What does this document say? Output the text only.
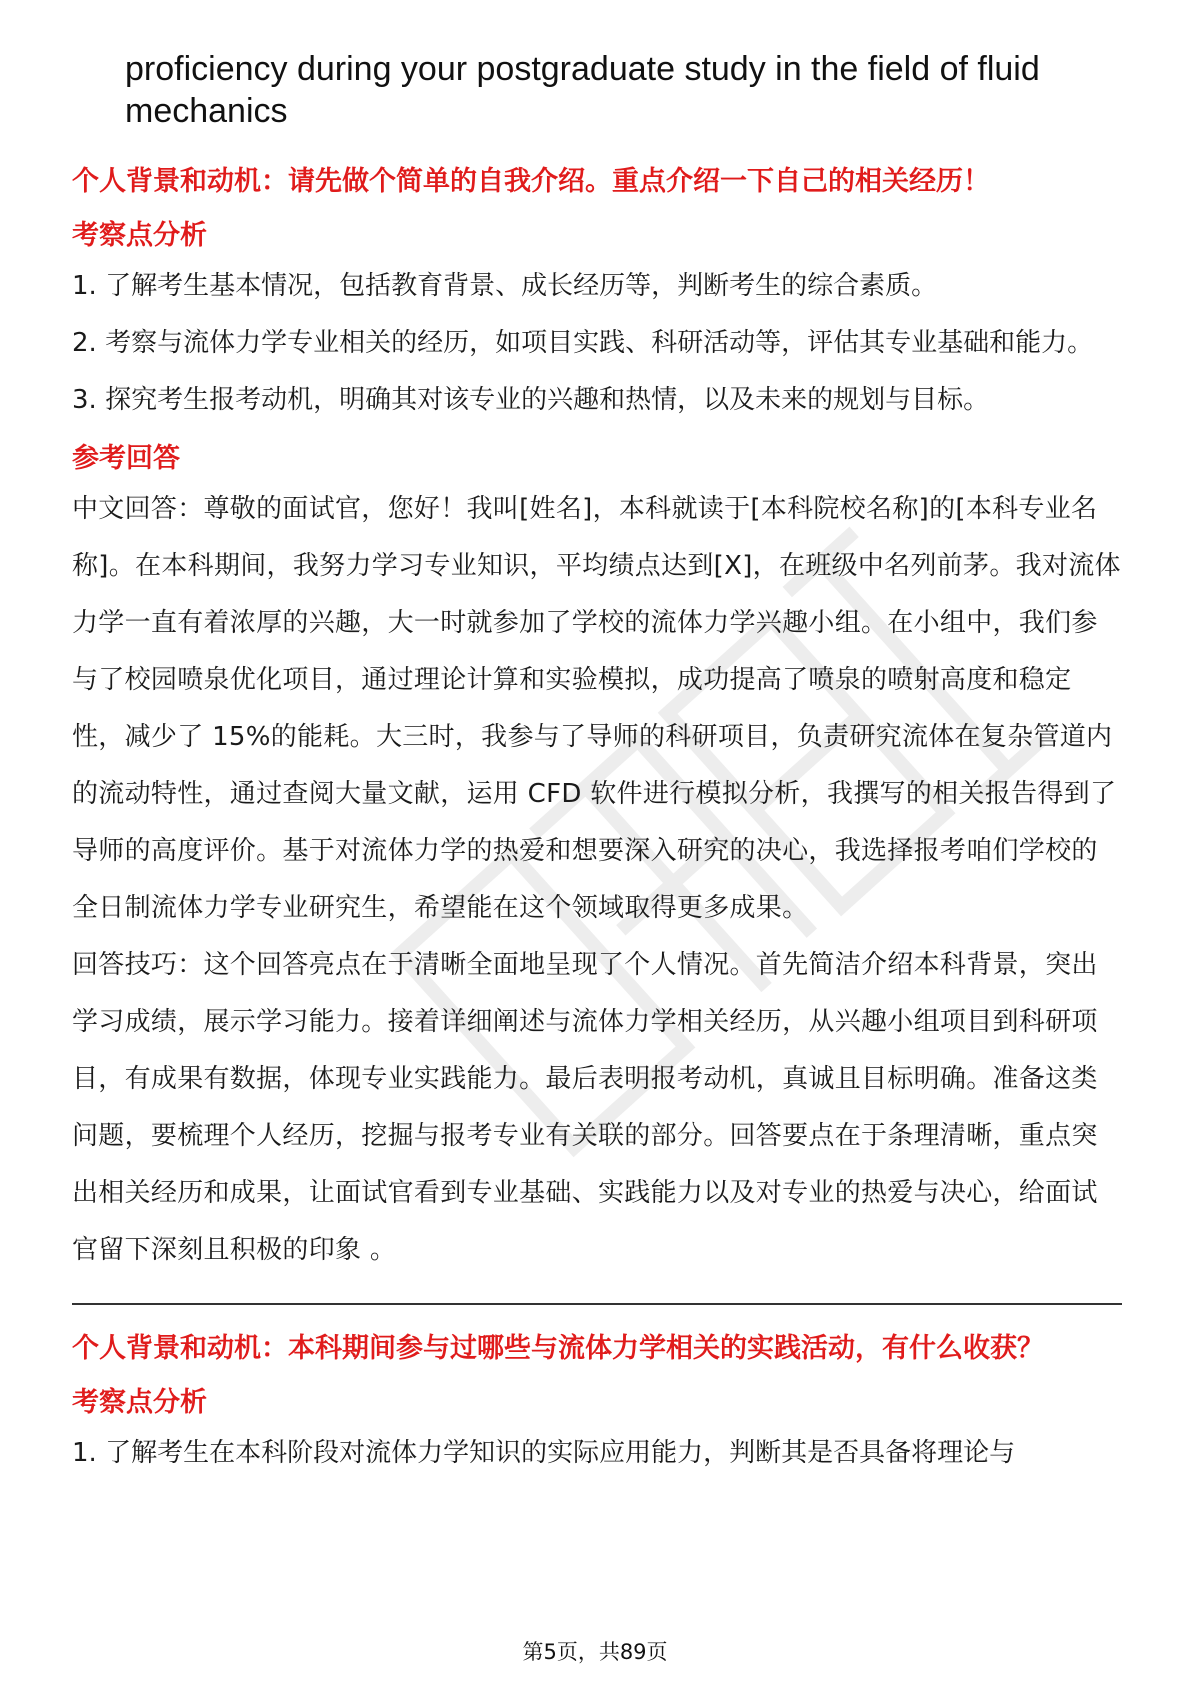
proficiency during your postgraduate study in the field of fluid mechanics

个人背景和动机：请先做个简单的自我介绍。重点介绍一下自己的相关经历！

考察点分析

1. 了解考生基本情况，包括教育背景、成长经历等，判断考生的综合素质。

2. 考察与流体力学专业相关的经历，如项目实践、科研活动等，评估其专业基础和能力。

3. 探究考生报考动机，明确其对该专业的兴趣和热情，以及未来的规划与目标。

参考回答

中文回答：尊敬的面试官，您好！我叫[姓名]，本科就读于[本科院校名称]的[本科专业名称]。在本科期间，我努力学习专业知识，平均绩点达到[X]，在班级中名列前茅。我对流体力学一直有着浓厚的兴趣，大一时就参加了学校的流体力学兴趣小组。在小组中，我们参与了校园喷泉优化项目，通过理论计算和实验模拟，成功提高了喷泉的喷射高度和稳定性，减少了 15%的能耗。大三时，我参与了导师的科研项目，负责研究流体在复杂管道内的流动特性，通过查阅大量文献，运用 CFD 软件进行模拟分析，我撰写的相关报告得到了导师的高度评价。基于对流体力学的热爱和想要深入研究的决心，我选择报考咱们学校的全日制流体力学专业研究生，希望能在这个领域取得更多成果。

回答技巧：这个回答亮点在于清晰全面地呈现了个人情况。首先简洁介绍本科背景，突出学习成绩，展示学习能力。接着详细阐述与流体力学相关经历，从兴趣小组项目到科研项目，有成果有数据，体现专业实践能力。最后表明报考动机，真诚且目标明确。准备这类问题，要梳理个人经历，挖掘与报考专业有关联的部分。回答要点在于条理清晰，重点突出相关经历和成果，让面试官看到专业基础、实践能力以及对专业的热爱与决心，给面试官留下深刻且积极的印象 。

个人背景和动机：本科期间参与过哪些与流体力学相关的实践活动，有什么收获？

考察点分析

1. 了解考生在本科阶段对流体力学知识的实际应用能力，判断其是否具备将理论与

第5页，共89页
